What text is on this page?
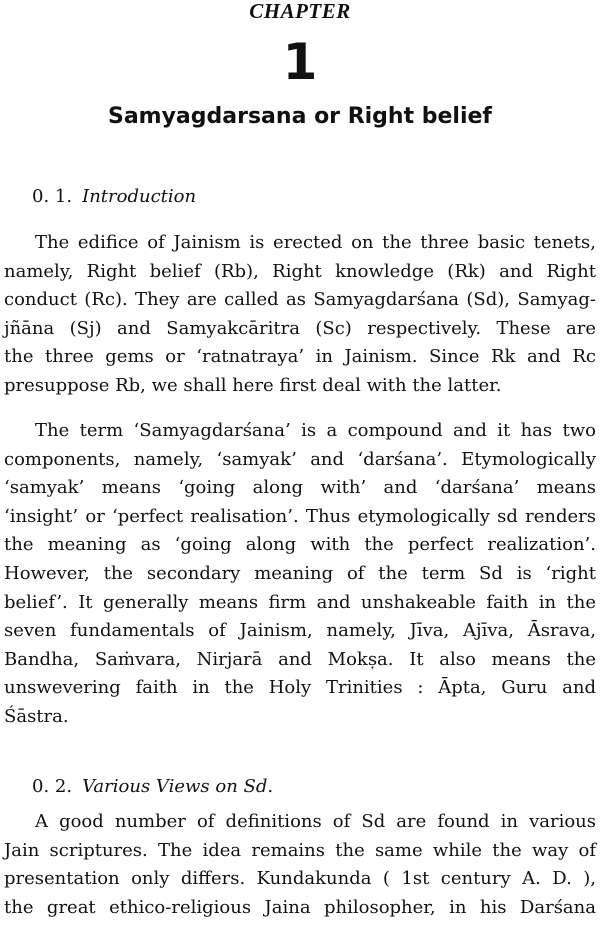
CHAPTER
1
Samyagdarsana or Right belief
0. 1. Introduction
The edifice of Jainism is erected on the three basic tenets,
namely, Right belief (Rb), Right knowledge (Rk) and Right
conduct (Rc). They are called as Samyagdarśana (Sd), Samyag-
jñāna (Sj) and Samyakcāritra (Sc) respectively. These are
the three gems or ‘ratnatraya’ in Jainism. Since Rk and Rc
presuppose Rb, we shall here first deal with the latter.
The term ‘Samyagdarśana’ is a compound and it has two
components, namely, ‘samyak’ and ‘darśana’. Etymologically
‘samyak’ means ‘going along with’ and ‘darśana’ means
‘insight’ or ‘perfect realisation’. Thus etymologically sd renders
the meaning as ‘going along with the perfect realization’.
However, the secondary meaning of the term Sd is ‘right
belief’. It generally means firm and unshakeable faith in the
seven fundamentals of Jainism, namely, Jīva, Ajīva, Āsrava,
Bandha, Saṁvara, Nirjarā and Mokṣa. It also means the
unswevering faith in the Holy Trinities : Āpta, Guru and
Śāstra.
0. 2. Various Views on Sd.
A good number of definitions of Sd are found in various
Jain scriptures. The idea remains the same while the way of
presentation only differs. Kundakunda ( 1st century A. D. ),
the great ethico-religious Jaina philosopher, in his Darśana
